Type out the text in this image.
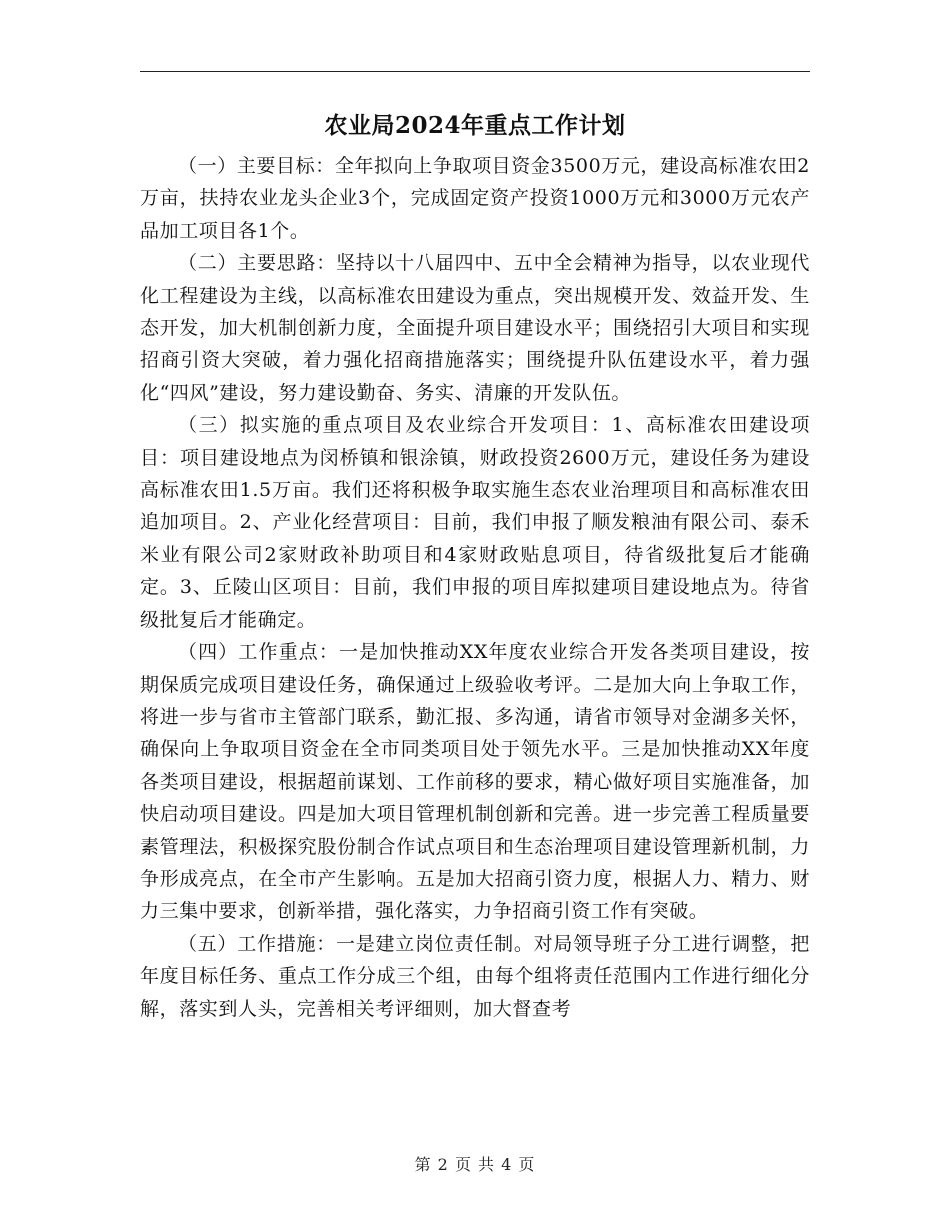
农业局2024年重点工作计划

（一）主要目标：全年拟向上争取项目资金3500万元，建设高标准农田2万亩，扶持农业龙头企业3个，完成固定资产投资1000万元和3000万元农产品加工项目各1个。

（二）主要思路：坚持以十八届四中、五中全会精神为指导，以农业现代化工程建设为主线，以高标准农田建设为重点，突出规模开发、效益开发、生态开发，加大机制创新力度，全面提升项目建设水平；围绕招引大项目和实现招商引资大突破，着力强化招商措施落实；围绕提升队伍建设水平，着力强化“四风”建设，努力建设勤奋、务实、清廉的开发队伍。

（三）拟实施的重点项目及农业综合开发项目：1、高标准农田建设项目：项目建设地点为闵桥镇和银涂镇，财政投资2600万元，建设任务为建设高标准农田1.5万亩。我们还将积极争取实施生态农业治理项目和高标准农田追加项目。2、产业化经营项目：目前，我们申报了顺发粮油有限公司、泰禾米业有限公司2家财政补助项目和4家财政贴息项目，待省级批复后才能确定。3、丘陵山区项目：目前，我们申报的项目库拟建项目建设地点为。待省级批复后才能确定。

（四）工作重点：一是加快推动XX年度农业综合开发各类项目建设，按期保质完成项目建设任务，确保通过上级验收考评。二是加大向上争取工作，将进一步与省市主管部门联系，勤汇报、多沟通，请省市领导对金湖多关怀，确保向上争取项目资金在全市同类项目处于领先水平。三是加快推动XX年度各类项目建设，根据超前谋划、工作前移的要求，精心做好项目实施准备，加快启动项目建设。四是加大项目管理机制创新和完善。进一步完善工程质量要素管理法，积极探究股份制合作试点项目和生态治理项目建设管理新机制，力争形成亮点，在全市产生影响。五是加大招商引资力度，根据人力、精力、财力三集中要求，创新举措，强化落实，力争招商引资工作有突破。

（五）工作措施：一是建立岗位责任制。对局领导班子分工进行调整，把年度目标任务、重点工作分成三个组，由每个组将责任范围内工作进行细化分解，落实到人头，完善相关考评细则，加大督查考

第 2 页 共 4 页
